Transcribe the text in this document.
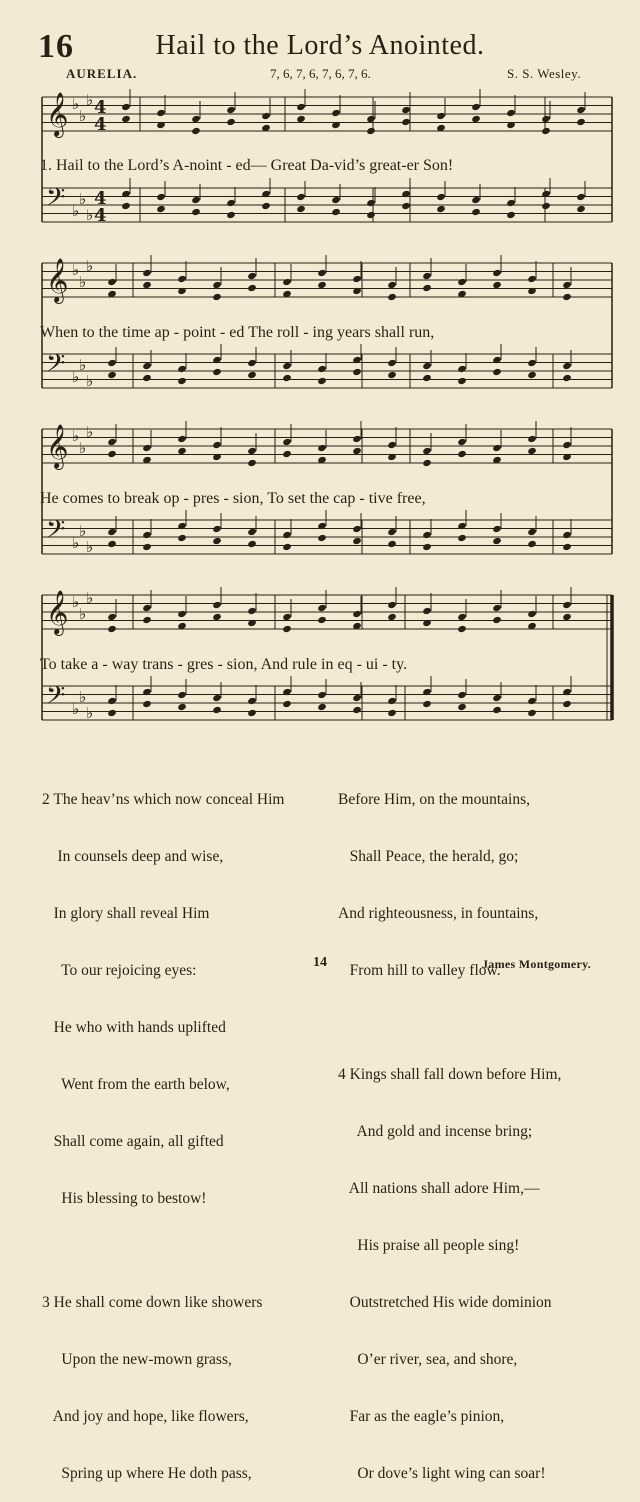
16	Hail to the Lord’s Anointed.
AURELIA.	7, 6, 7, 6, 7, 6, 7, 6.	S. S. Wesley.
𝄞 ♭
♭
♭
𝄢 ♭
♭
♭
4
4
4
4
𝄞 ♭
♭
♭
𝄢 ♭
♭
♭
𝄞 ♭
♭
♭
𝄢 ♭
♭
♭
𝄞 ♭
♭
♭
𝄢 ♭
♭
♭
1. Hail to the Lord’s A-noint - ed— Great Da-vid’s great-er Son!
When to the time ap - point - ed The roll - ing years shall run,
He comes to break op - pres - sion, To set the cap - tive free,
To take a - way trans - gres - sion, And rule in eq - ui - ty.

2 The heav’ns which now conceal Him

In counsels deep and wise,

In glory shall reveal Him

To our rejoicing eyes:

He who with hands uplifted

Went from the earth below,

Shall come again, all gifted

His blessing to bestow!

3 He shall come down like showers

Upon the new-mown grass,

And joy and hope, like flowers,

Spring up where He doth pass,

Before Him, on the mountains,

Shall Peace, the herald, go;

And righteousness, in fountains,

From hill to valley flow.

4 Kings shall fall down before Him,

And gold and incense bring;

All nations shall adore Him,—

His praise all people sing!

Outstretched His wide dominion

O’er river, sea, and shore,

Far as the eagle’s pinion,

Or dove’s light wing can soar!

14	James Montgomery.
